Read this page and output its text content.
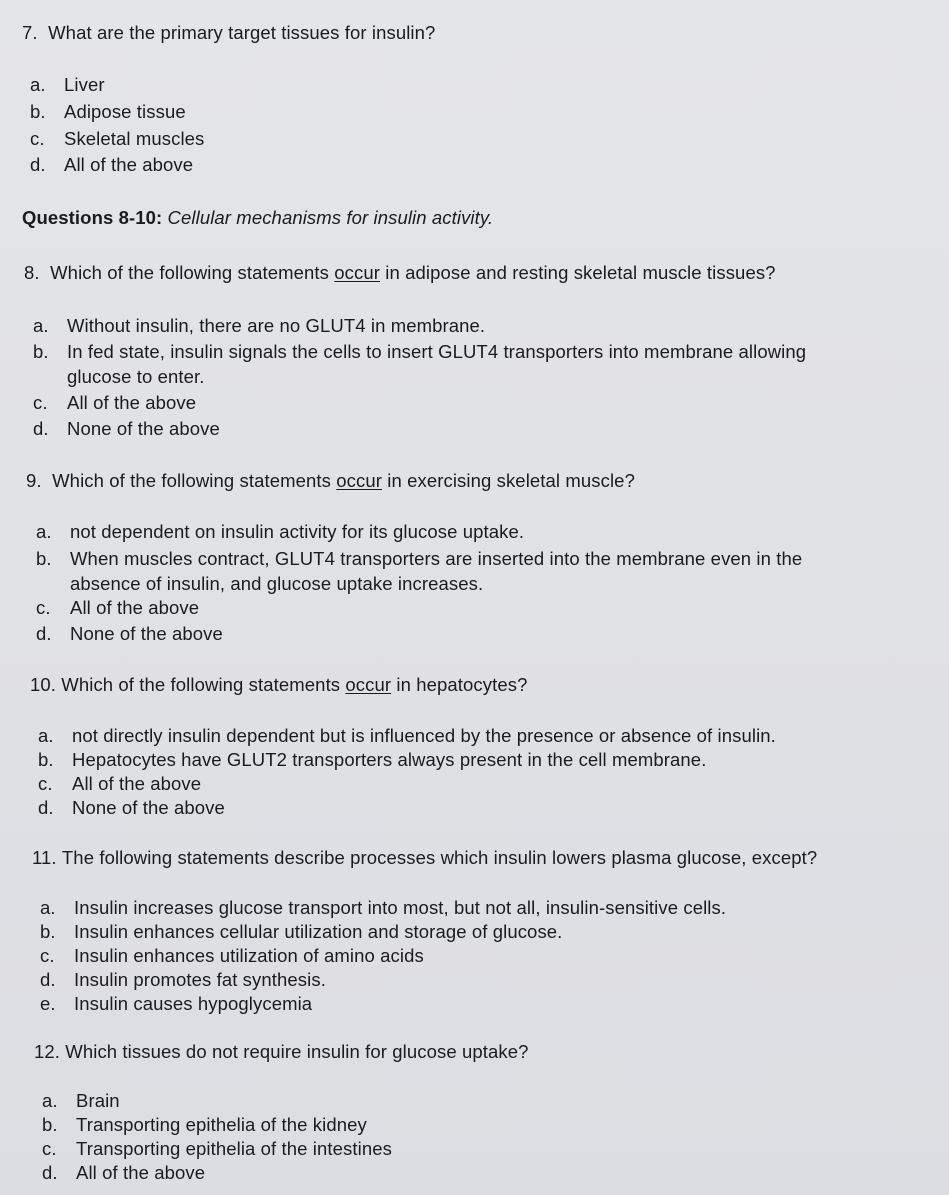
7. What are the primary target tissues for insulin?
a. Liver
b. Adipose tissue
c. Skeletal muscles
d. All of the above
Questions 8-10: Cellular mechanisms for insulin activity.
8. Which of the following statements occur in adipose and resting skeletal muscle tissues?
a. Without insulin, there are no GLUT4 in membrane.
b. In fed state, insulin signals the cells to insert GLUT4 transporters into membrane allowing
glucose to enter.
c. All of the above
d. None of the above
9. Which of the following statements occur in exercising skeletal muscle?
a. not dependent on insulin activity for its glucose uptake.
b. When muscles contract, GLUT4 transporters are inserted into the membrane even in the
absence of insulin, and glucose uptake increases.
c. All of the above
d. None of the above
10. Which of the following statements occur in hepatocytes?
a. not directly insulin dependent but is influenced by the presence or absence of insulin.
b. Hepatocytes have GLUT2 transporters always present in the cell membrane.
c. All of the above
d. None of the above
11. The following statements describe processes which insulin lowers plasma glucose, except?
a. Insulin increases glucose transport into most, but not all, insulin-sensitive cells.
b. Insulin enhances cellular utilization and storage of glucose.
c. Insulin enhances utilization of amino acids
d. Insulin promotes fat synthesis.
e. Insulin causes hypoglycemia
12. Which tissues do not require insulin for glucose uptake?
a. Brain
b. Transporting epithelia of the kidney
c. Transporting epithelia of the intestines
d. All of the above
